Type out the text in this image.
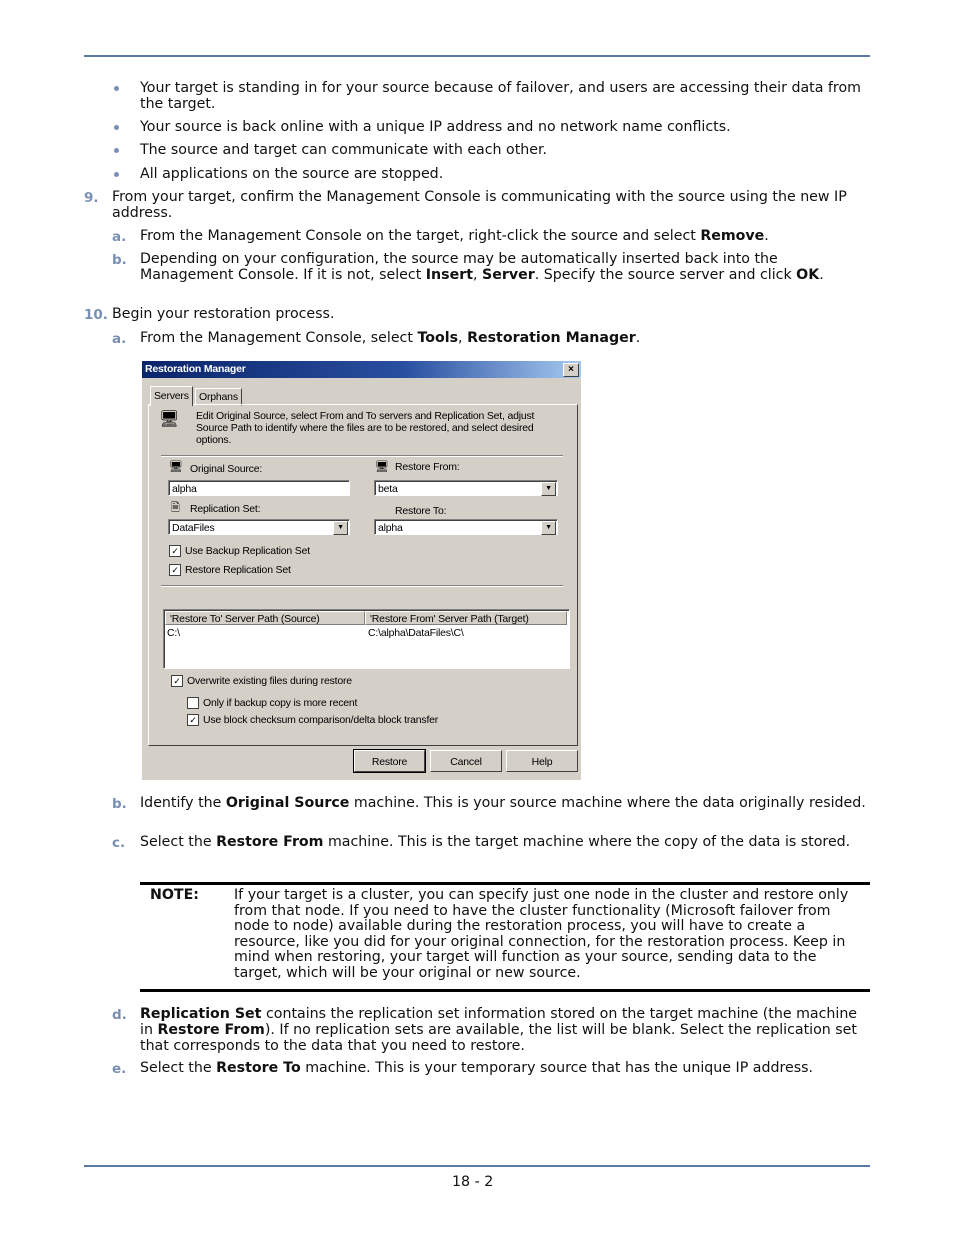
Your target is standing in for your source because of failover, and users are accessing their data from the target.
Your source is back online with a unique IP address and no network name conflicts.
The source and target can communicate with each other.
All applications on the source are stopped.
9. From your target, confirm the Management Console is communicating with the source using the new IP address.
a. From the Management Console on the target, right-click the source and select Remove.
b. Depending on your configuration, the source may be automatically inserted back into the Management Console. If it is not, select Insert, Server. Specify the source server and click OK.
10. Begin your restoration process.
a. From the Management Console, select Tools, Restoration Manager.
Restoration Manager	×
Servers Orphans
🖥 Edit Original Source, select From and To servers and Replication Set, adjust Source Path to identify where the files are to be restored, and select desired options.
🖥 Original Source:
alpha
🖥 Restore From:
beta	▼
🗎 Replication Set:
DataFiles	▼
Restore To:
alpha	▼
✓ Use Backup Replication Set
✓ Restore Replication Set
'Restore To' Server Path (Source)	'Restore From' Server Path (Target)
C:\	C:\alpha\DataFiles\C\
✓ Overwrite existing files during restore
Only if backup copy is more recent
✓ Use block checksum comparison/delta block transfer
Restore	Cancel	Help
b. Identify the Original Source machine. This is your source machine where the data originally resided.
c. Select the Restore From machine. This is the target machine where the copy of the data is stored.
NOTE: If your target is a cluster, you can specify just one node in the cluster and restore only from that node. If you need to have the cluster functionality (Microsoft failover from node to node) available during the restoration process, you will have to create a resource, like you did for your original connection, for the restoration process. Keep in mind when restoring, your target will function as your source, sending data to the target, which will be your original or new source.
d. Replication Set contains the replication set information stored on the target machine (the machine in Restore From). If no replication sets are available, the list will be blank. Select the replication set that corresponds to the data that you need to restore.
e. Select the Restore To machine. This is your temporary source that has the unique IP address.
18 - 2
